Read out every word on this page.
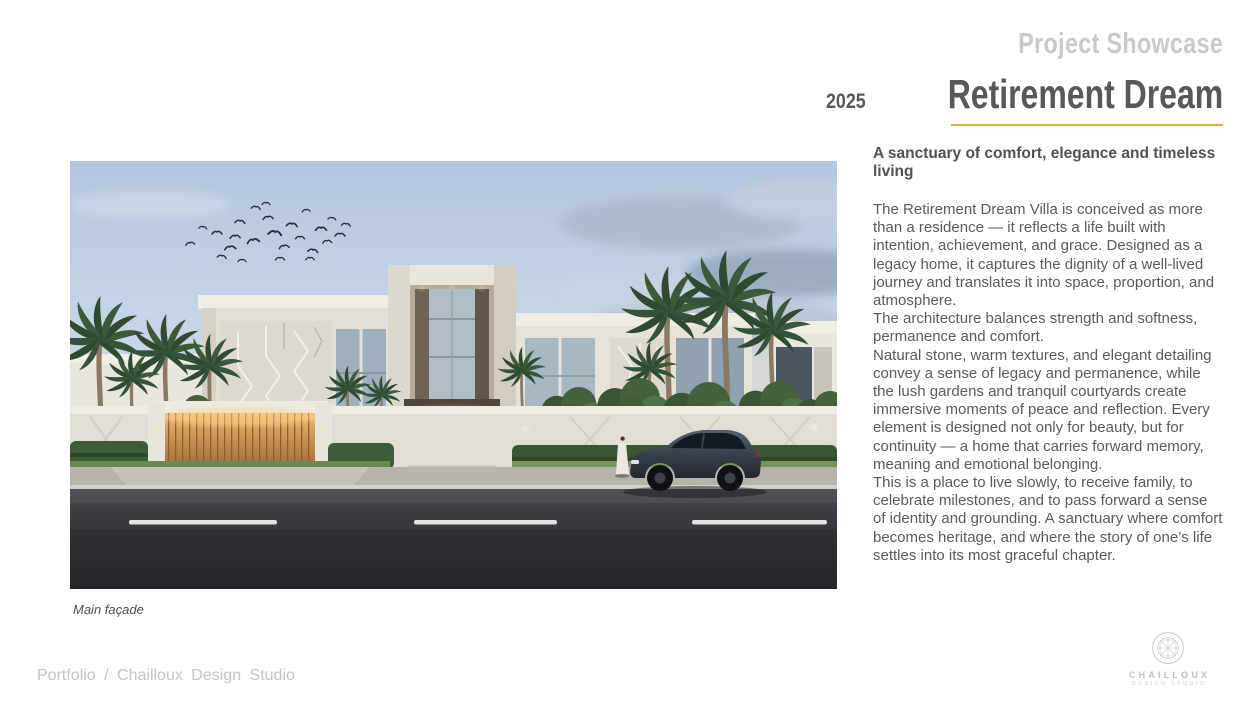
Project Showcase
2025 Retirement Dream
A sanctuary of comfort, elegance and timeless living

The Retirement Dream Villa is conceived as more than a residence — it reflects a life built with intention, achievement, and grace. Designed as a legacy home, it captures the dignity of a well-lived journey and translates it into space, proportion, and atmosphere.

The architecture balances strength and softness, permanence and comfort.

Natural stone, warm textures, and elegant detailing convey a sense of legacy and permanence, while the lush gardens and tranquil courtyards create immersive moments of peace and reflection. Every element is designed not only for beauty, but for continuity — a home that carries forward memory, meaning and emotional belonging.

This is a place to live slowly, to receive family, to celebrate milestones, and to pass forward a sense of identity and grounding. A sanctuary where comfort becomes heritage, and where the story of one’s life settles into its most graceful chapter.

Main façade
Portfolio / Chailloux Design Studio	CHAILLOUX
DESIGN STUDIO
